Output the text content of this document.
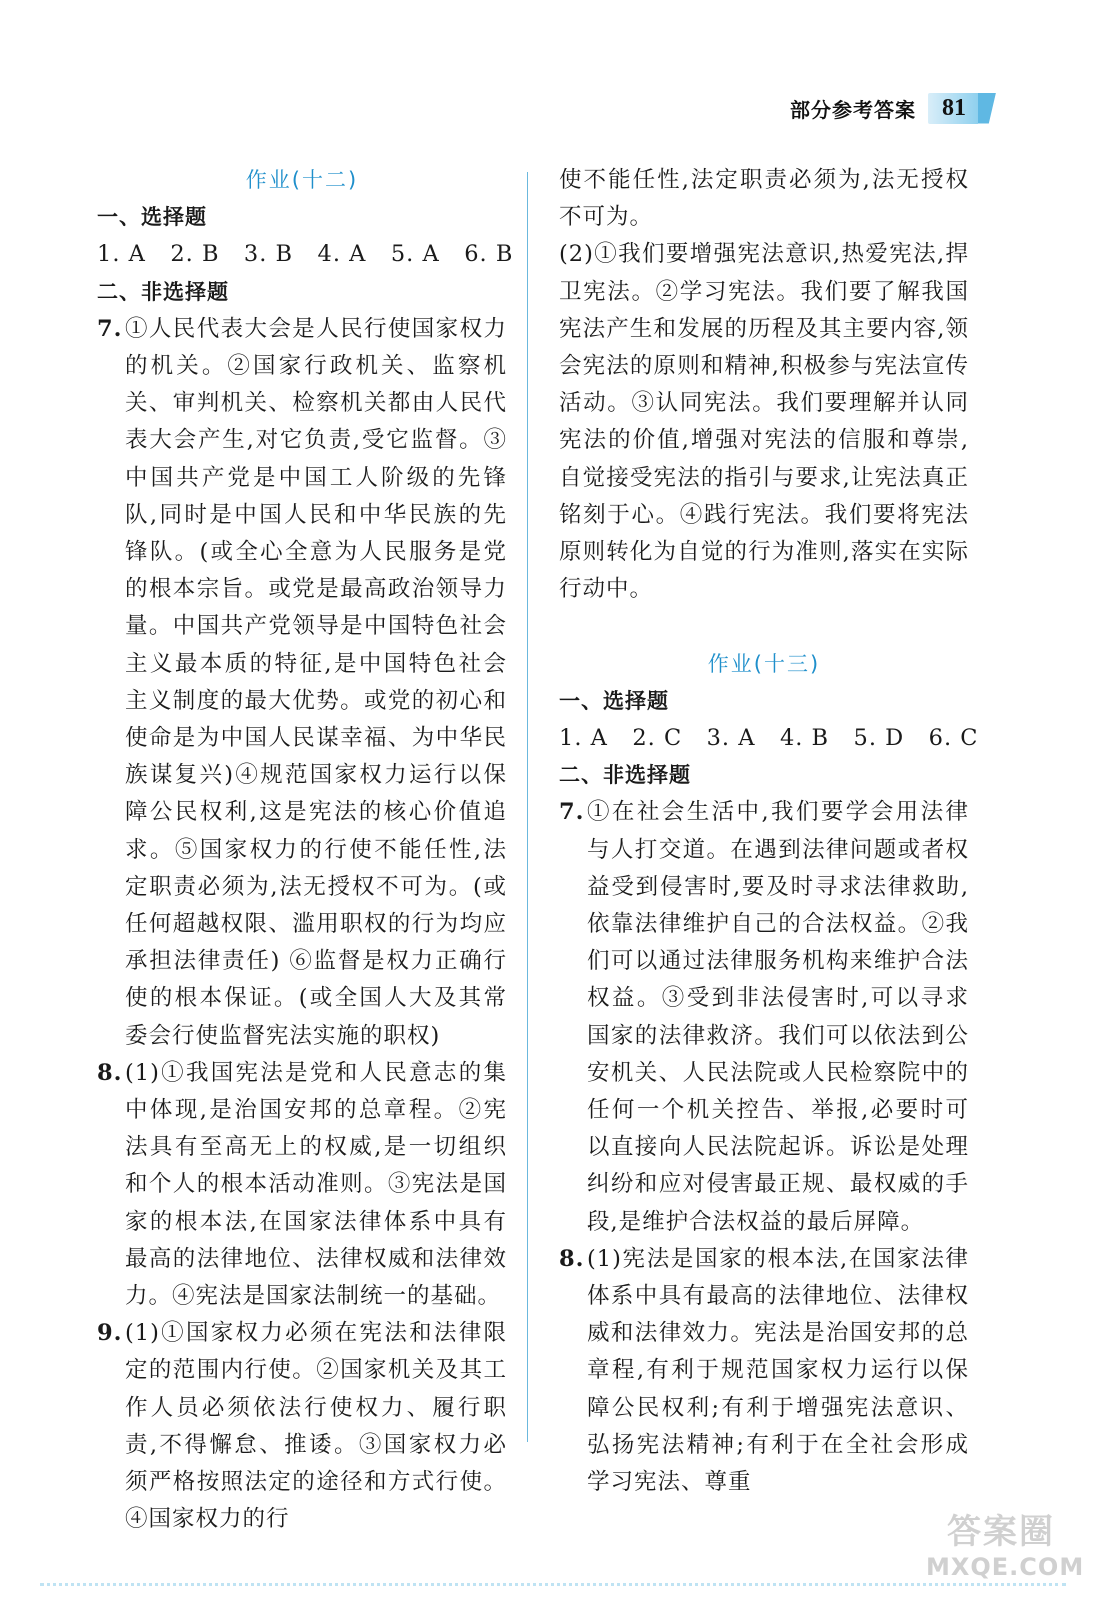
部分参考答案	81
作业(十二)
一、选择题
1. A   2. B   3. B   4. A   5. A   6. B
二、非选择题
7. ①人民代表大会是人民行使国家权力的机关。②国家行政机关、监察机关、审判机关、检察机关都由人民代表大会产生,对它负责,受它监督。③中国共产党是中国工人阶级的先锋队,同时是中国人民和中华民族的先锋队。(或全心全意为人民服务是党的根本宗旨。或党是最高政治领导力量。中国共产党领导是中国特色社会主义最本质的特征,是中国特色社会主义制度的最大优势。或党的初心和使命是为中国人民谋幸福、为中华民族谋复兴)④规范国家权力运行以保障公民权利,这是宪法的核心价值追求。⑤国家权力的行使不能任性,法定职责必须为,法无授权不可为。(或任何超越权限、滥用职权的行为均应承担法律责任) ⑥监督是权力正确行使的根本保证。(或全国人大及其常委会行使监督宪法实施的职权)
8. (1)①我国宪法是党和人民意志的集中体现,是治国安邦的总章程。②宪法具有至高无上的权威,是一切组织和个人的根本活动准则。③宪法是国家的根本法,在国家法律体系中具有最高的法律地位、法律权威和法律效力。④宪法是国家法制统一的基础。
9. (1)①国家权力必须在宪法和法律限定的范围内行使。②国家机关及其工作人员必须依法行使权力、履行职责,不得懈怠、推诿。③国家权力必须严格按照法定的途径和方式行使。④国家权力的行
使不能任性,法定职责必须为,法无授权不可为。
(2)①我们要增强宪法意识,热爱宪法,捍卫宪法。②学习宪法。我们要了解我国宪法产生和发展的历程及其主要内容,领会宪法的原则和精神,积极参与宪法宣传活动。③认同宪法。我们要理解并认同宪法的价值,增强对宪法的信服和尊崇,自觉接受宪法的指引与要求,让宪法真正铭刻于心。④践行宪法。我们要将宪法原则转化为自觉的行为准则,落实在实际行动中。
作业(十三)
一、选择题
1. A   2. C   3. A   4. B   5. D   6. C
二、非选择题
7. ①在社会生活中,我们要学会用法律与人打交道。在遇到法律问题或者权益受到侵害时,要及时寻求法律救助,依靠法律维护自己的合法权益。②我们可以通过法律服务机构来维护合法权益。③受到非法侵害时,可以寻求国家的法律救济。我们可以依法到公安机关、人民法院或人民检察院中的任何一个机关控告、举报,必要时可以直接向人民法院起诉。诉讼是处理纠纷和应对侵害最正规、最权威的手段,是维护合法权益的最后屏障。
8. (1)宪法是国家的根本法,在国家法律体系中具有最高的法律地位、法律权威和法律效力。宪法是治国安邦的总章程,有利于规范国家权力运行以保障公民权利;有利于增强宪法意识、弘扬宪法精神;有利于在全社会形成学习宪法、尊重
答案圈
MXQE.COM
